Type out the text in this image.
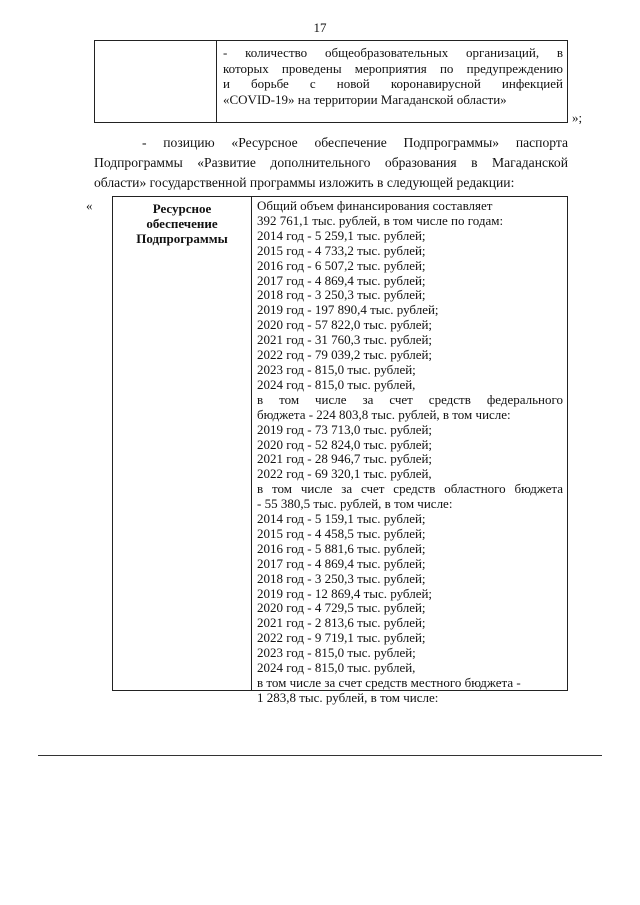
17
- количество общеобразовательных организаций, в
которых проведены мероприятия по предупреждению
и борьбе с новой коронавирусной инфекцией
«COVID-19» на территории Магаданской области»
»;
- позицию «Ресурсное обеспечение Подпрограммы» паспорта
Подпрограммы «Развитие дополнительного образования в Магаданской
области» государственной программы изложить в следующей редакции:
«	Ресурсное
обеспечение
Подпрограммы
Общий объем финансирования составляет
392 761,1 тыс. рублей, в том числе по годам:
2014 год - 5 259,1 тыс. рублей;
2015 год - 4 733,2 тыс. рублей;
2016 год - 6 507,2 тыс. рублей;
2017 год - 4 869,4 тыс. рублей;
2018 год - 3 250,3 тыс. рублей;
2019 год - 197 890,4 тыс. рублей;
2020 год - 57 822,0 тыс. рублей;
2021 год - 31 760,3 тыс. рублей;
2022 год - 79 039,2 тыс. рублей;
2023 год - 815,0 тыс. рублей;
2024 год - 815,0 тыс. рублей,
в том числе за счет средств федерального
бюджета - 224 803,8 тыс. рублей, в том числе:
2019 год - 73 713,0 тыс. рублей;
2020 год - 52 824,0 тыс. рублей;
2021 год - 28 946,7 тыс. рублей;
2022 год - 69 320,1 тыс. рублей,
в том числе за счет средств областного бюджета
- 55 380,5 тыс. рублей, в том числе:
2014 год - 5 159,1 тыс. рублей;
2015 год - 4 458,5 тыс. рублей;
2016 год - 5 881,6 тыс. рублей;
2017 год - 4 869,4 тыс. рублей;
2018 год - 3 250,3 тыс. рублей;
2019 год - 12 869,4 тыс. рублей;
2020 год - 4 729,5 тыс. рублей;
2021 год - 2 813,6 тыс. рублей;
2022 год - 9 719,1 тыс. рублей;
2023 год - 815,0 тыс. рублей;
2024 год - 815,0 тыс. рублей,
в том числе за счет средств местного бюджета -
1 283,8 тыс. рублей, в том числе:
